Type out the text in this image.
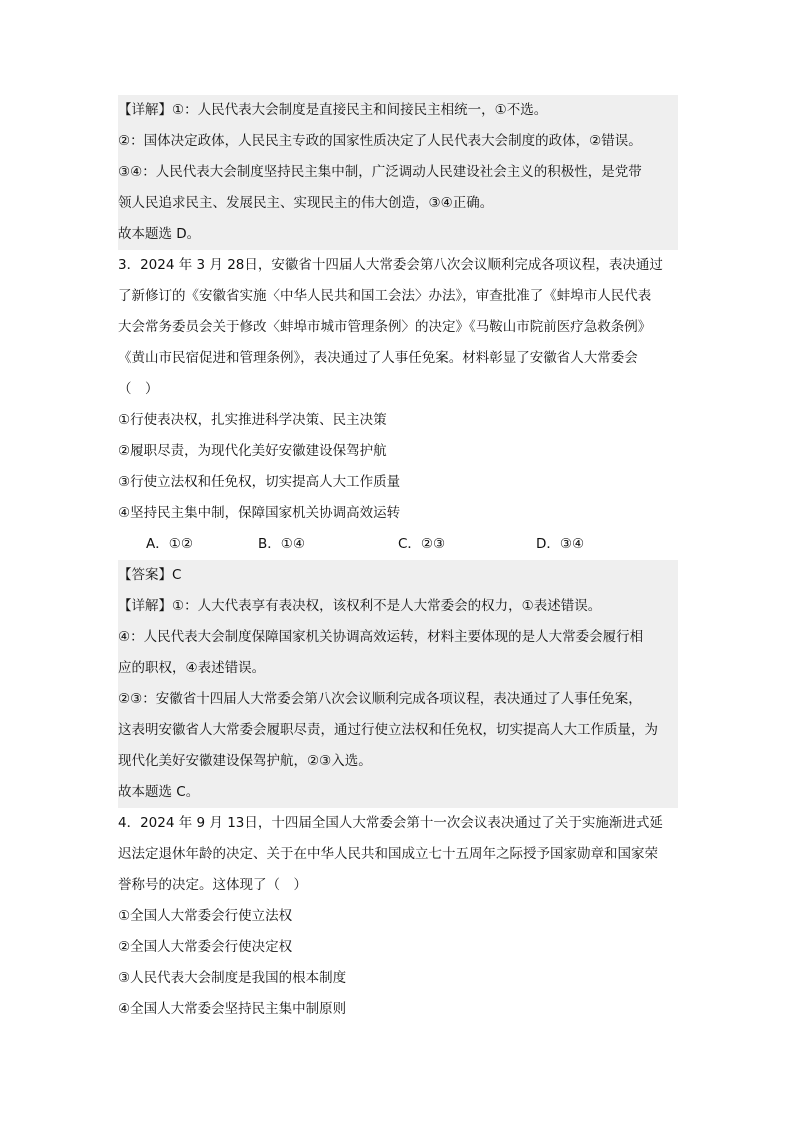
【详解】①：人民代表大会制度是直接民主和间接民主相统一，①不选。
②：国体决定政体，人民民主专政的国家性质决定了人民代表大会制度的政体，②错误。
③④：人民代表大会制度坚持民主集中制，广泛调动人民建设社会主义的积极性，是党带
领人民追求民主、发展民主、实现民主的伟大创造，③④正确。
故本题选 D。
3．2024 年 3 月 28日，安徽省十四届人大常委会第八次会议顺利完成各项议程，表决通过
了新修订的《安徽省实施〈中华人民共和国工会法〉办法》，审查批准了《蚌埠市人民代表
大会常务委员会关于修改〈蚌埠市城市管理条例〉的决定》《马鞍山市院前医疗急救条例》
《黄山市民宿促进和管理条例》，表决通过了人事任免案。材料彰显了安徽省人大常委会
（　）
①行使表决权，扎实推进科学决策、民主决策
②履职尽责，为现代化美好安徽建设保驾护航
③行使立法权和任免权，切实提高人大工作质量
④坚持民主集中制，保障国家机关协调高效运转
A．①②	B．①④	C．②③	D．③④
【答案】C
【详解】①：人大代表享有表决权，该权利不是人大常委会的权力，①表述错误。
④：人民代表大会制度保障国家机关协调高效运转，材料主要体现的是人大常委会履行相
应的职权，④表述错误。
②③：安徽省十四届人大常委会第八次会议顺利完成各项议程，表决通过了人事任免案，
这表明安徽省人大常委会履职尽责，通过行使立法权和任免权，切实提高人大工作质量，为
现代化美好安徽建设保驾护航，②③入选。
故本题选 C。
4．2024 年 9 月 13日，十四届全国人大常委会第十一次会议表决通过了关于实施渐进式延
迟法定退休年龄的决定、关于在中华人民共和国成立七十五周年之际授予国家勋章和国家荣
誉称号的决定。这体现了（　）
①全国人大常委会行使立法权
②全国人大常委会行使决定权
③人民代表大会制度是我国的根本制度
④全国人大常委会坚持民主集中制原则
